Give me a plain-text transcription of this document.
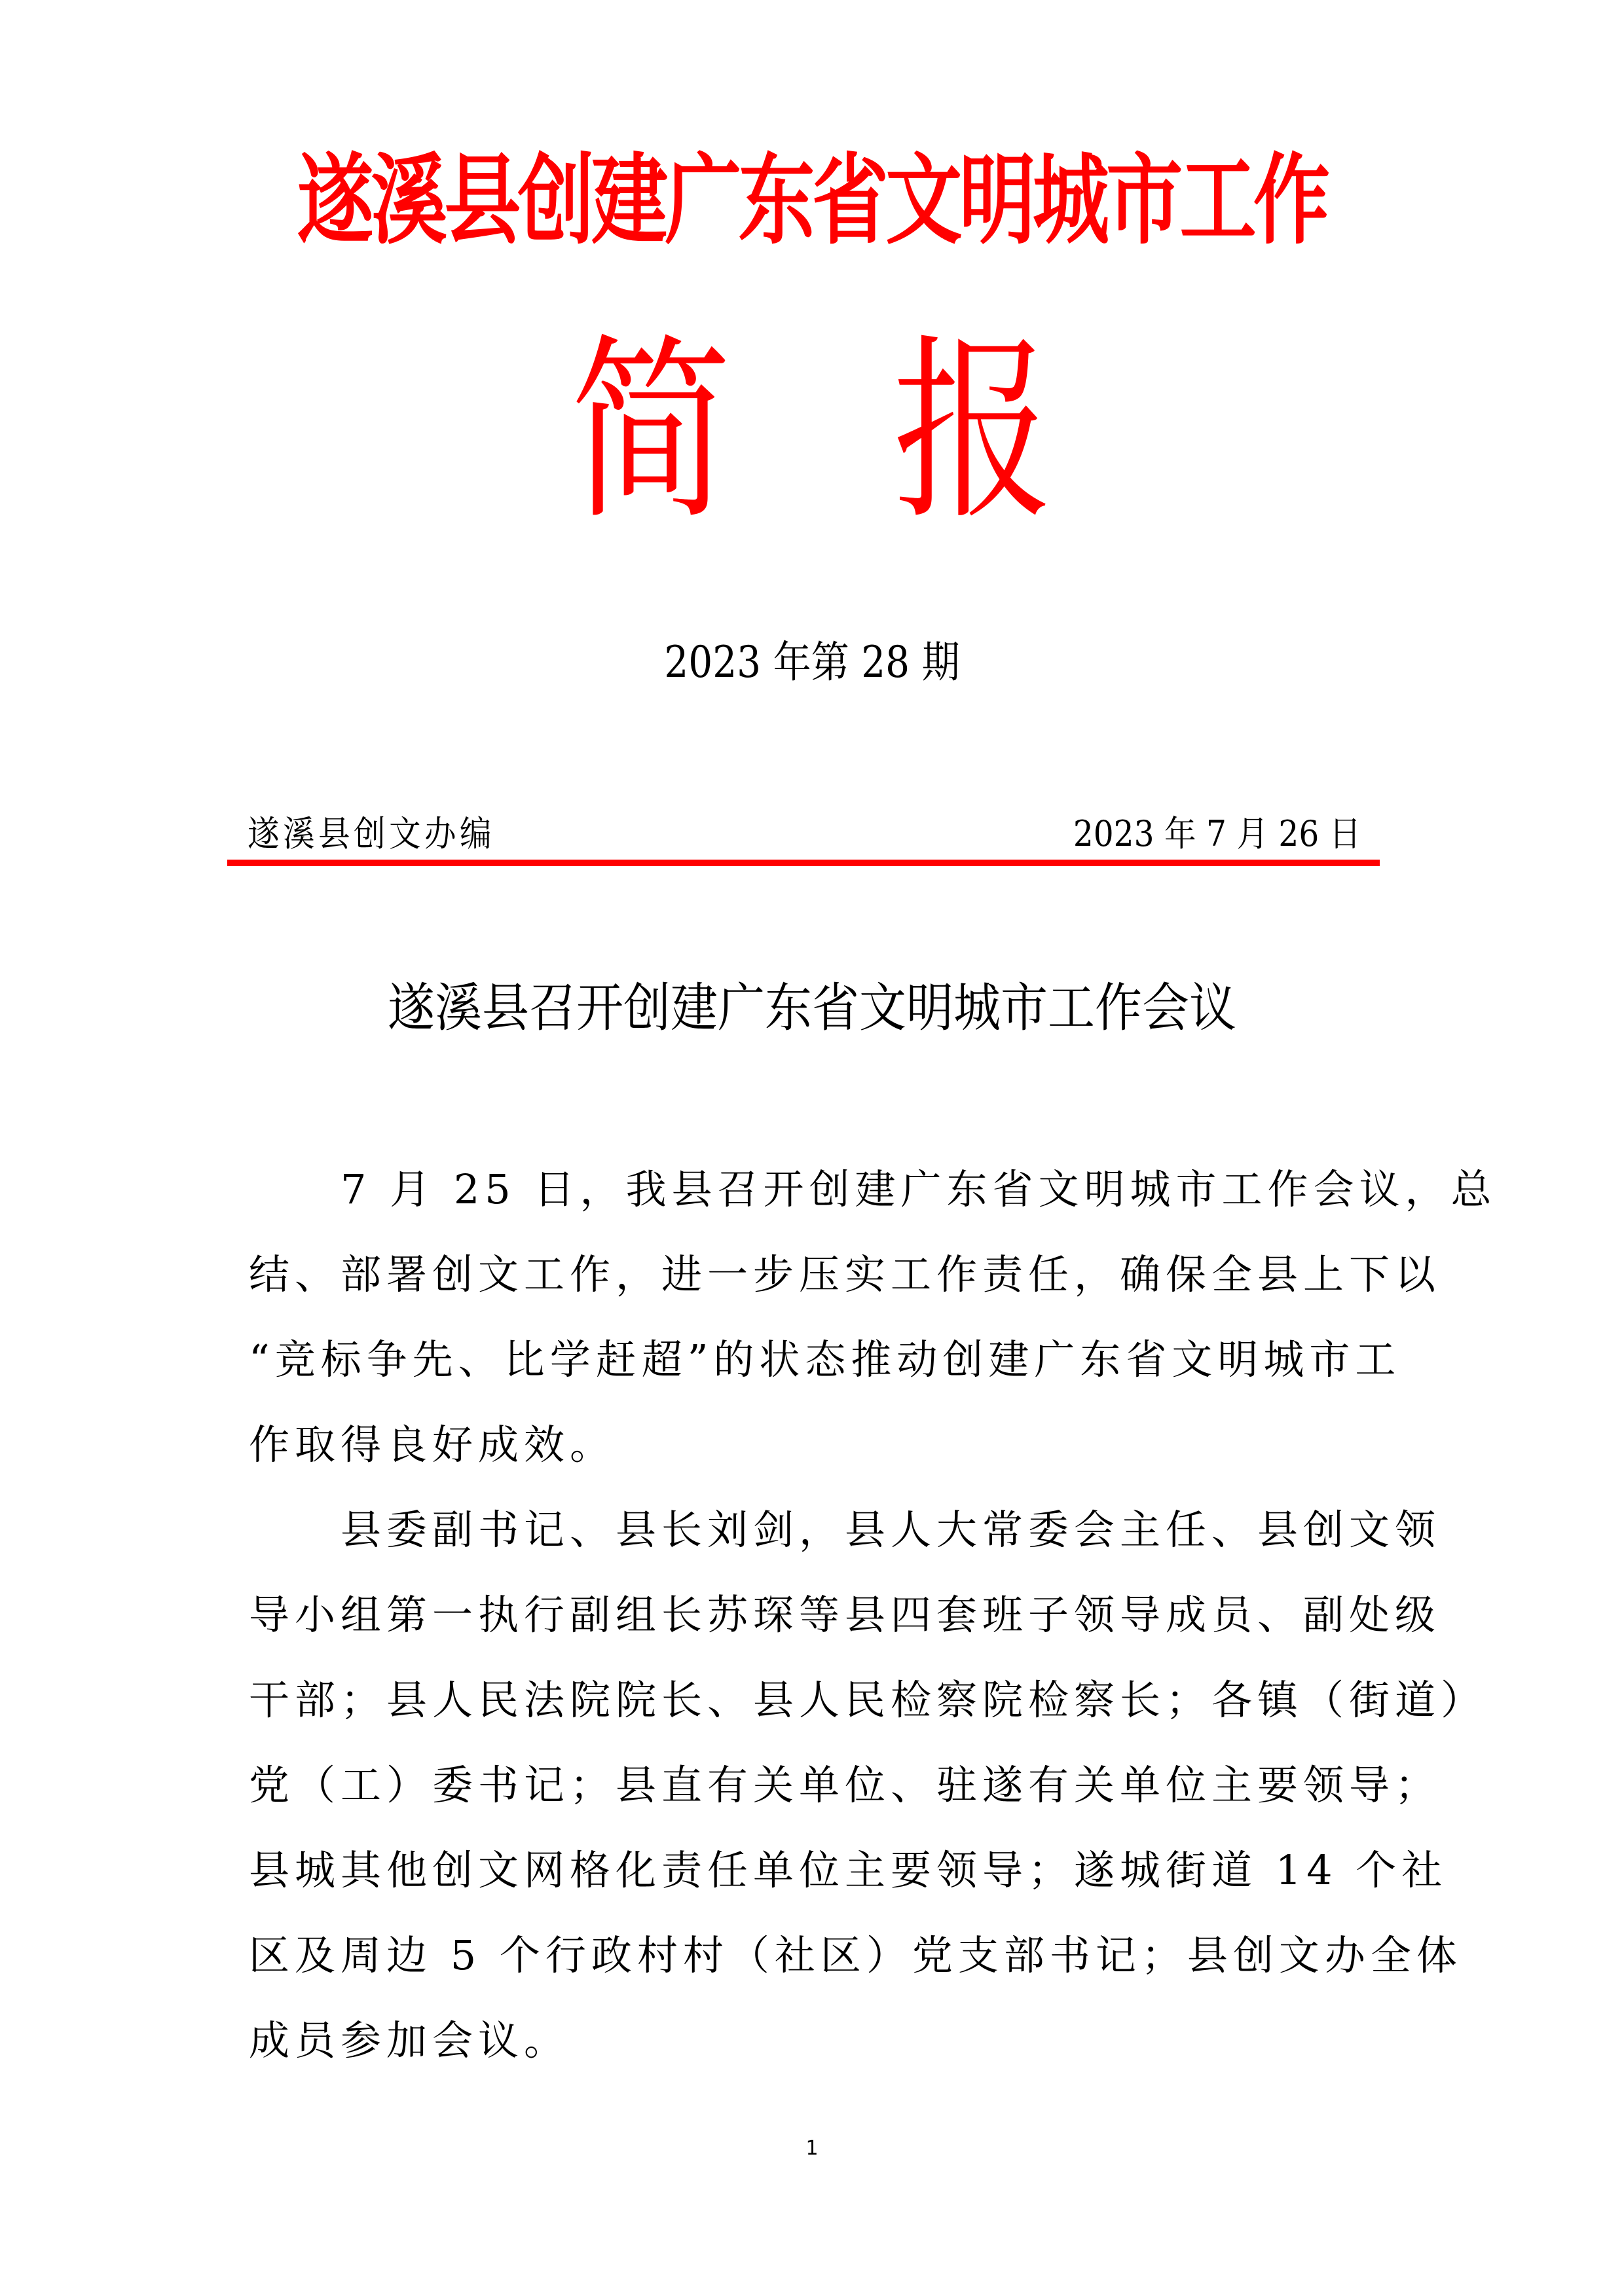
遂溪县创建广东省文明城市工作
简 报
2023 年第 28 期
遂溪县创文办编	2023 年 7 月 26 日
遂溪县召开创建广东省文明城市工作会议
7 月 25 日，我县召开创建广东省文明城市工作会议，总
结、部署创文工作，进一步压实工作责任，确保全县上下以
“竞标争先、比学赶超”的状态推动创建广东省文明城市工
作取得良好成效。
县委副书记、县长刘剑，县人大常委会主任、县创文领
导小组第一执行副组长苏琛等县四套班子领导成员、副处级
干部；县人民法院院长、县人民检察院检察长；各镇（街道）
党（工）委书记；县直有关单位、驻遂有关单位主要领导；
县城其他创文网格化责任单位主要领导；遂城街道 14 个社
区及周边 5 个行政村村（社区）党支部书记；县创文办全体
成员参加会议。
1
